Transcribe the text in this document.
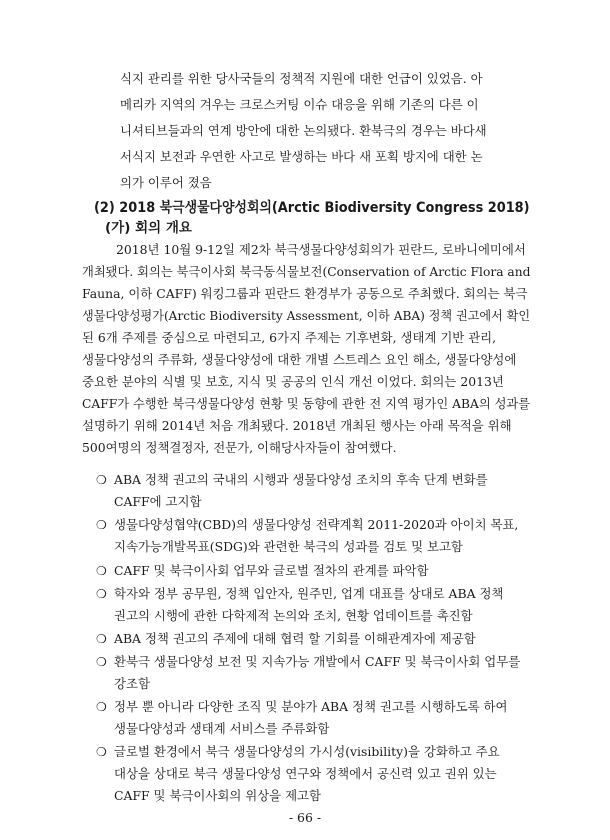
식지 관리를 위한 당사국들의 정책적 지원에 대한 언급이 있었음. 아
메리카 지역의 겨우는 크로스커팅 이슈 대응을 위해 기존의 다른 이
니셔티브들과의 연계 방안에 대한 논의됐다. 환북극의 경우는 바다새
서식지 보전과 우연한 사고로 발생하는 바다 새 포획 방지에 대한 논
의가 이루어 졌음
(2) 2018 북극생물다양성회의(Arctic Biodiversity Congress 2018)
(가) 회의 개요
2018년 10월 9-12일 제2차 북극생물다양성회의가 핀란드, 로바니에미에서
개최됐다. 회의는 북극이사회 북극동식물보전(Conservation of Arctic Flora and
Fauna, 이하 CAFF) 워킹그룹과 핀란드 환경부가 공동으로 주최했다. 회의는 북극
생물다양성평가(Arctic Biodiversity Assessment, 이하 ABA) 정책 권고에서 확인
된 6개 주제를 중심으로 마련되고, 6가지 주제는 기후변화, 생태계 기반 관리,
생물다양성의 주류화, 생물다양성에 대한 개별 스트레스 요인 해소, 생물다양성에
중요한 분야의 식별 및 보호, 지식 및 공공의 인식 개선 이었다. 회의는 2013년
CAFF가 수행한 북극생물다양성 현황 및 동향에 관한 전 지역 평가인 ABA의 성과를
설명하기 위해 2014년 처음 개최됐다. 2018년 개최된 행사는 아래 목적을 위해
500여명의 정책결정자, 전문가, 이해당사자들이 참여했다.
❍ ABA 정책 권고의 국내의 시행과 생물다양성 조치의 후속 단계 변화를
CAFF에 고지함
❍ 생물다양성협약(CBD)의 생물다양성 전략계획 2011-2020과 아이치 목표,
지속가능개발목표(SDG)와 관련한 북극의 성과를 검토 및 보고함
❍ CAFF 및 북극이사회 업무와 글로벌 절차의 관계를 파악함
❍ 학자와 정부 공무원, 정책 입안자, 원주민, 업계 대표를 상대로 ABA 정책
권고의 시행에 관한 다학제적 논의와 조치, 현황 업데이트를 촉진함
❍ ABA 정책 권고의 주제에 대해 협력 할 기회를 이해관계자에 제공함
❍ 환북극 생물다양성 보전 및 지속가능 개발에서 CAFF 및 북극이사회 업무를
강조함
❍ 정부 뿐 아니라 다양한 조직 및 분야가 ABA 정책 권고를 시행하도록 하여
생물다양성과 생태계 서비스를 주류화함
❍ 글로벌 환경에서 북극 생물다양성의 가시성(visibility)을 강화하고 주요
대상을 상대로 북극 생물다양성 연구와 정책에서 공신력 있고 권위 있는
CAFF 및 북극이사회의 위상을 제고함
- 66 -
